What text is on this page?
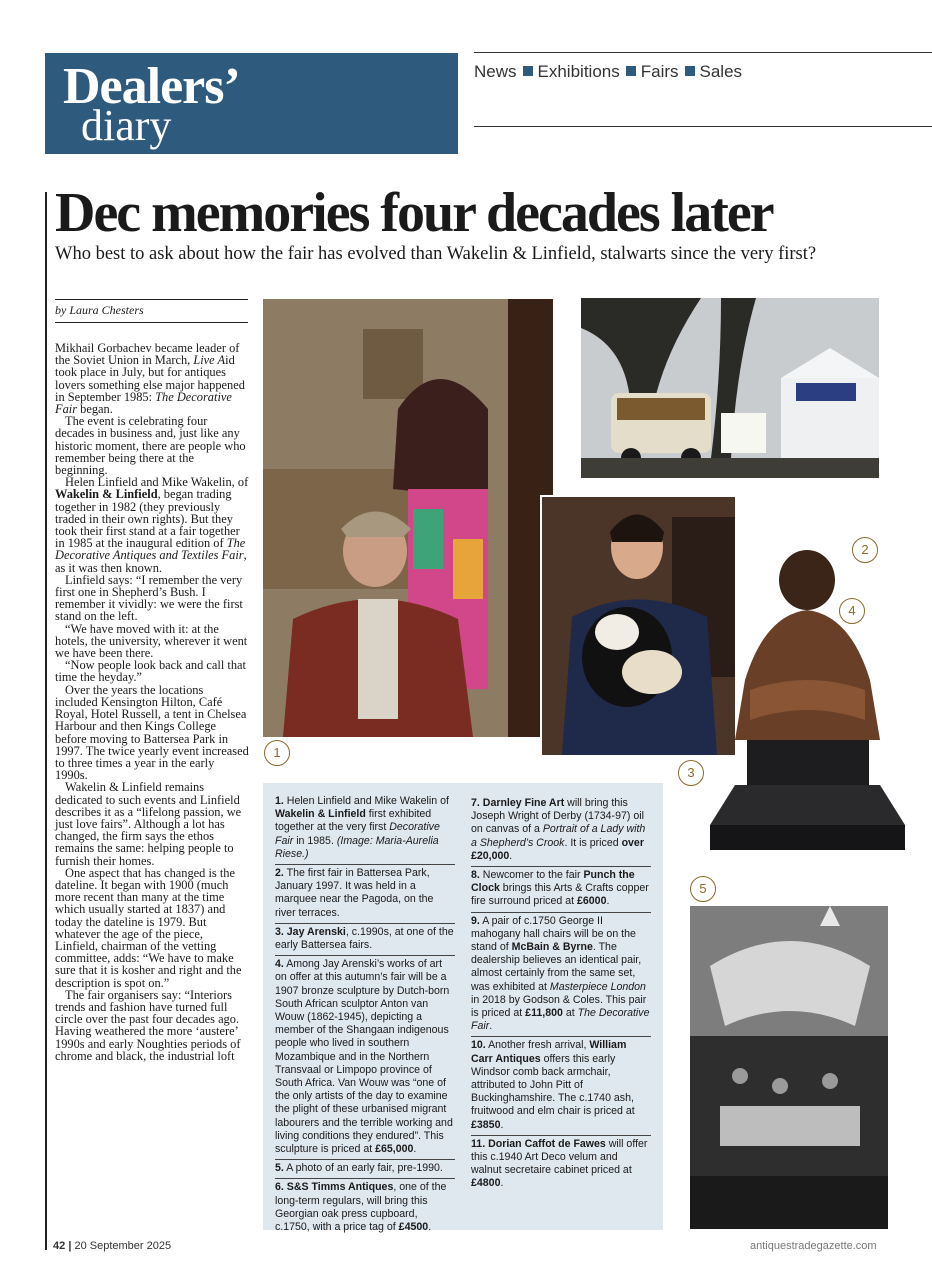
Dealers’
diary
News Exhibitions Fairs Sales
Dec memories four decades later
Who best to ask about how the fair has evolved than Wakelin & Linfield, stalwarts since the very first?
by Laura Chesters

Mikhail Gorbachev became leader of the Soviet Union in March, Live Aid took place in July, but for antiques lovers something else major happened in September 1985: The Decorative Fair began.

The event is celebrating four decades in business and, just like any historic moment, there are people who remember being there at the beginning.

Helen Linfield and Mike Wakelin, of Wakelin & Linfield, began trading together in 1982 (they previously traded in their own rights). But they took their first stand at a fair together in 1985 at the inaugural edition of The Decorative Antiques and Textiles Fair, as it was then known.

Linfield says: “I remember the very first one in Shepherd’s Bush. I remember it vividly: we were the first stand on the left.

“We have moved with it: at the hotels, the university, wherever it went we have been there.

“Now people look back and call that time the heyday.”

Over the years the locations included Kensington Hilton, Café Royal, Hotel Russell, a tent in Chelsea Harbour and then Kings College before moving to Battersea Park in 1997. The twice yearly event increased to three times a year in the early 1990s.

Wakelin & Linfield remains dedicated to such events and Linfield describes it as a “lifelong passion, we just love fairs”. Although a lot has changed, the firm says the ethos remains the same: helping people to furnish their homes.

One aspect that has changed is the dateline. It began with 1900 (much more recent than many at the time which usually started at 1837) and today the dateline is 1979. But whatever the age of the piece, Linfield, chairman of the vetting committee, adds: “We have to make sure that it is kosher and right and the description is spot on.”

The fair organisers say: “Interiors trends and fashion have turned full circle over the past four decades ago. Having weathered the more ‘austere’ 1990s and early Noughties periods of chrome and black, the industrial loft

1
2
3
4
5
1. Helen Linfield and Mike Wakelin of Wakelin & Linfield first exhibited together at the very first Decorative Fair in 1985. (Image: Maria-Aurelia Riese.)
2. The first fair in Battersea Park, January 1997. It was held in a marquee near the Pagoda, on the river terraces.
3. Jay Arenski, c.1990s, at one of the early Battersea fairs.
4. Among Jay Arenski’s works of art on offer at this autumn’s fair will be a 1907 bronze sculpture by Dutch-born South African sculptor Anton van Wouw (1862-1945), depicting a member of the Shangaan indigenous people who lived in southern Mozambique and in the Northern Transvaal or Limpopo province of South Africa. Van Wouw was “one of the only artists of the day to examine the plight of these urbanised migrant labourers and the terrible working and living conditions they endured”. This sculpture is priced at £65,000.
5. A photo of an early fair, pre-1990.
6. S&S Timms Antiques, one of the long-term regulars, will bring this Georgian oak press cupboard, c.1750, with a price tag of £4500.
7. Darnley Fine Art will bring this Joseph Wright of Derby (1734-97) oil on canvas of a Portrait of a Lady with a Shepherd’s Crook. It is priced over £20,000.
8. Newcomer to the fair Punch the Clock brings this Arts & Crafts copper fire surround priced at £6000.
9. A pair of c.1750 George II mahogany hall chairs will be on the stand of McBain & Byrne. The dealership believes an identical pair, almost certainly from the same set, was exhibited at Masterpiece London in 2018 by Godson & Coles. This pair is priced at £11,800 at The Decorative Fair.
10. Another fresh arrival, William Carr Antiques offers this early Windsor comb back armchair, attributed to John Pitt of Buckinghamshire. The c.1740 ash, fruitwood and elm chair is priced at £3850.
11. Dorian Caffot de Fawes will offer this c.1940 Art Deco velum and walnut secretaire cabinet priced at £4800.
42 | 20 September 2025	antiquestradegazette.com
